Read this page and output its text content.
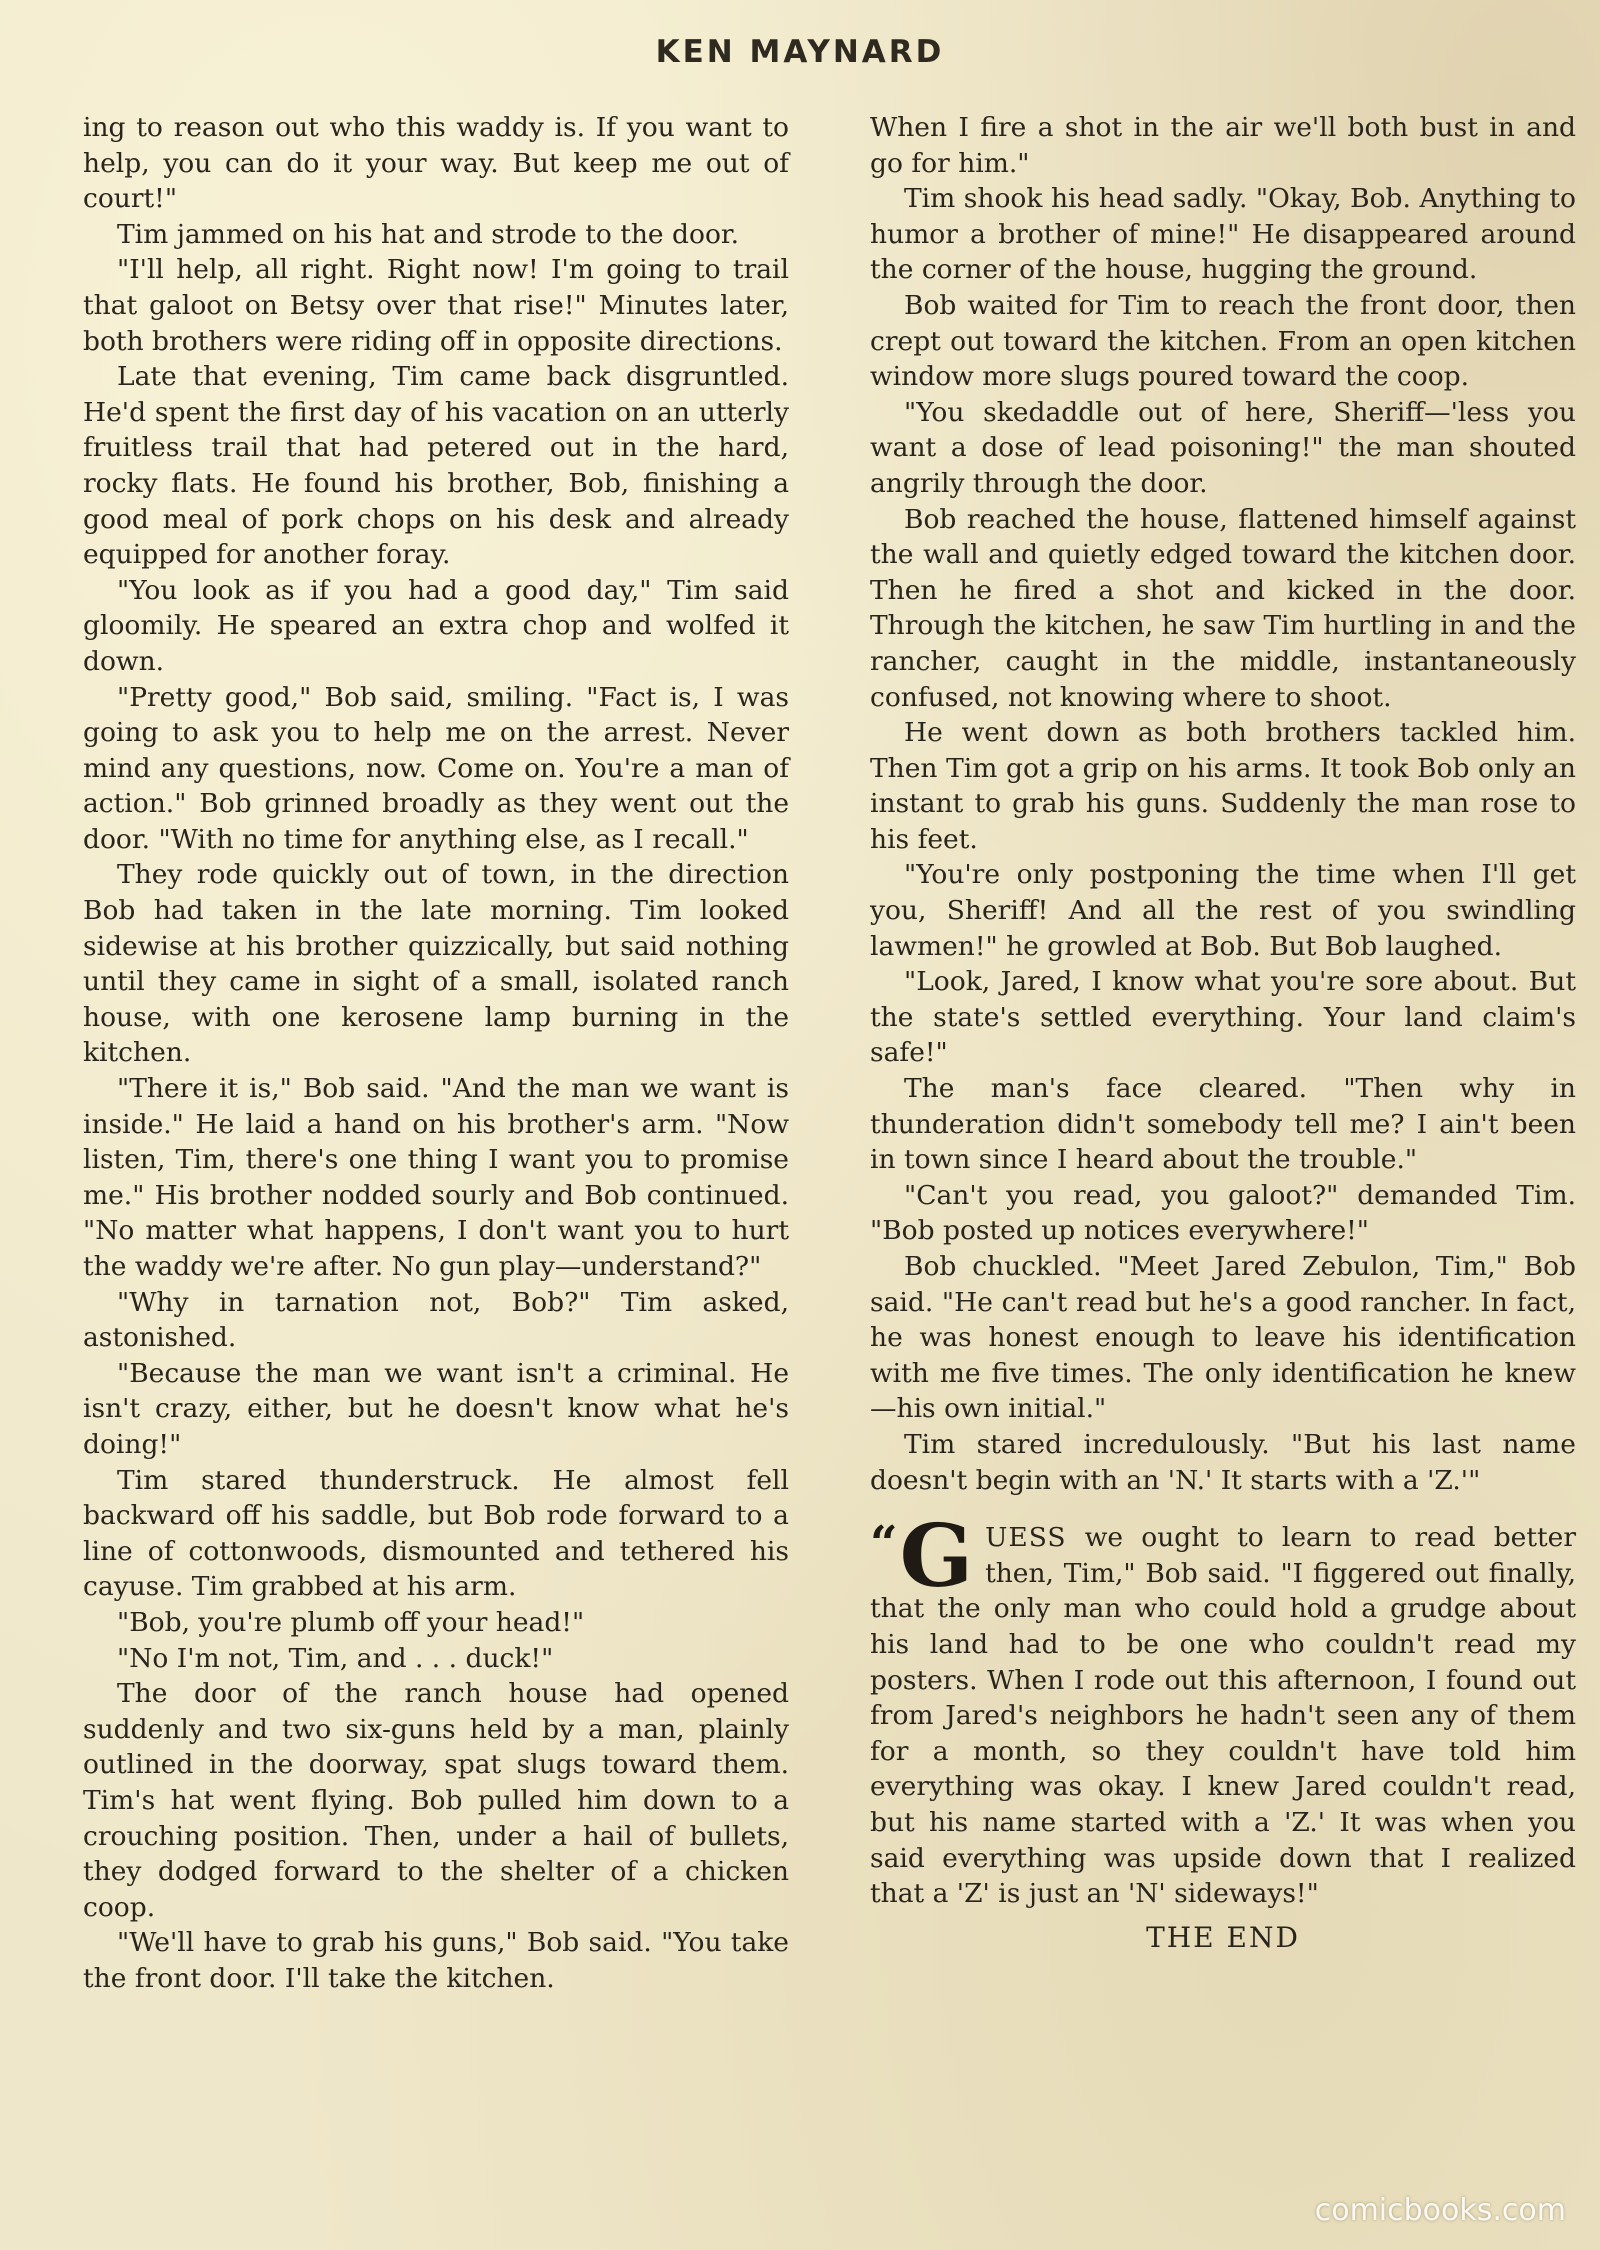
KEN MAYNARD

ing to reason out who this waddy is. If you want to help, you can do it your way. But keep me out of court!"

Tim jammed on his hat and strode to the door.

"I'll help, all right. Right now! I'm going to trail that galoot on Betsy over that rise!" Minutes later, both brothers were riding off in opposite directions.

Late that evening, Tim came back disgruntled. He'd spent the first day of his vacation on an utterly fruitless trail that had petered out in the hard, rocky flats. He found his brother, Bob, finishing a good meal of pork chops on his desk and already equipped for another foray.

"You look as if you had a good day," Tim said gloomily. He speared an extra chop and wolfed it down.

"Pretty good," Bob said, smiling. "Fact is, I was going to ask you to help me on the arrest. Never mind any questions, now. Come on. You're a man of action." Bob grinned broadly as they went out the door. "With no time for anything else, as I recall."

They rode quickly out of town, in the direction Bob had taken in the late morning. Tim looked sidewise at his brother quizzically, but said nothing until they came in sight of a small, isolated ranch house, with one kerosene lamp burning in the kitchen.

"There it is," Bob said. "And the man we want is inside." He laid a hand on his brother's arm. "Now listen, Tim, there's one thing I want you to promise me." His brother nodded sourly and Bob continued. "No matter what happens, I don't want you to hurt the waddy we're after. No gun play—understand?"

"Why in tarnation not, Bob?" Tim asked, astonished.

"Because the man we want isn't a criminal. He isn't crazy, either, but he doesn't know what he's doing!"

Tim stared thunderstruck. He almost fell backward off his saddle, but Bob rode forward to a line of cottonwoods, dismounted and tethered his cayuse. Tim grabbed at his arm.

"Bob, you're plumb off your head!"

"No I'm not, Tim, and . . . duck!"

The door of the ranch house had opened suddenly and two six-guns held by a man, plainly outlined in the doorway, spat slugs toward them. Tim's hat went flying. Bob pulled him down to a crouching position. Then, under a hail of bullets, they dodged forward to the shelter of a chicken coop.

"We'll have to grab his guns," Bob said. "You take the front door. I'll take the kitchen.

When I fire a shot in the air we'll both bust in and go for him."

Tim shook his head sadly. "Okay, Bob. Anything to humor a brother of mine!" He disappeared around the corner of the house, hugging the ground.

Bob waited for Tim to reach the front door, then crept out toward the kitchen. From an open kitchen window more slugs poured toward the coop.

"You skedaddle out of here, Sheriff—'less you want a dose of lead poisoning!" the man shouted angrily through the door.

Bob reached the house, flattened himself against the wall and quietly edged toward the kitchen door. Then he fired a shot and kicked in the door. Through the kitchen, he saw Tim hurtling in and the rancher, caught in the middle, instantaneously confused, not knowing where to shoot.

He went down as both brothers tackled him. Then Tim got a grip on his arms. It took Bob only an instant to grab his guns. Suddenly the man rose to his feet.

"You're only postponing the time when I'll get you, Sheriff! And all the rest of you swindling lawmen!" he growled at Bob. But Bob laughed.

"Look, Jared, I know what you're sore about. But the state's settled everything. Your land claim's safe!"

The man's face cleared. "Then why in thunderation didn't somebody tell me? I ain't been in town since I heard about the trouble."

"Can't you read, you galoot?" demanded Tim. "Bob posted up notices everywhere!"

Bob chuckled. "Meet Jared Zebulon, Tim," Bob said. "He can't read but he's a good rancher. In fact, he was honest enough to leave his identification with me five times. The only identification he knew—his own initial."

Tim stared incredulously. "But his last name doesn't begin with an 'N.' It starts with a 'Z.'"

“ G UESS we ought to learn to read better then, Tim," Bob said. "I figgered out finally, that the only man who could hold a grudge about his land had to be one who couldn't read my posters. When I rode out this afternoon, I found out from Jared's neighbors he hadn't seen any of them for a month, so they couldn't have told him everything was okay. I knew Jared couldn't read, but his name started with a 'Z.' It was when you said everything was upside down that I realized that a 'Z' is just an 'N' sideways!"

THE END

comicbooks.com
